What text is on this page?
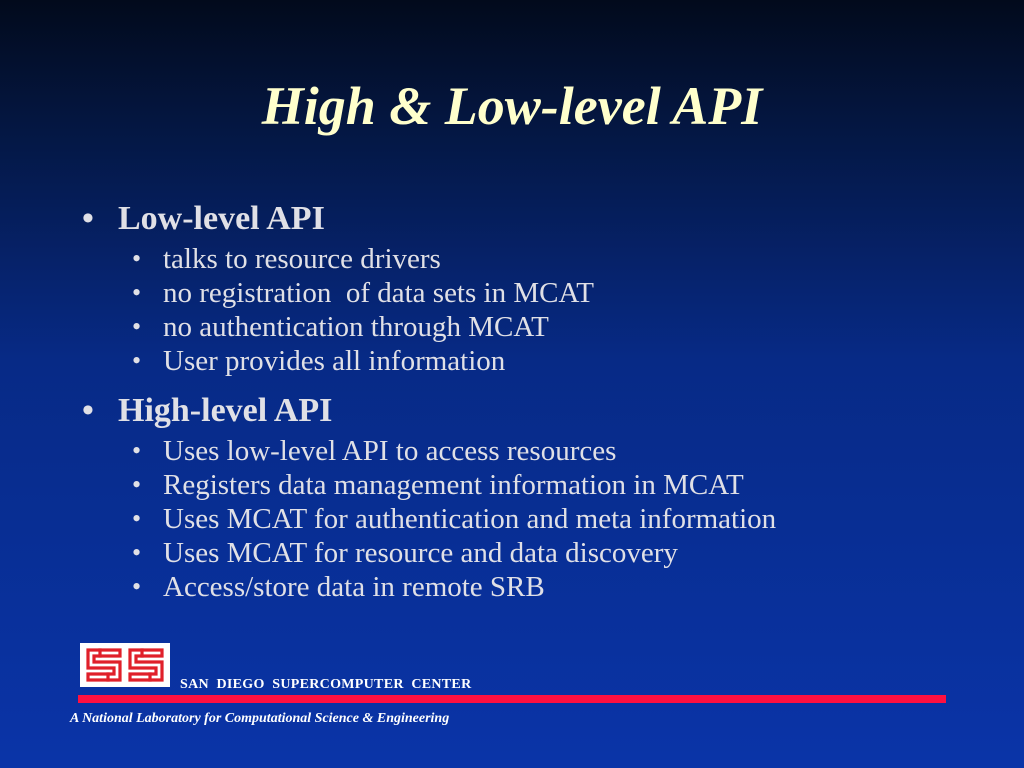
High & Low-level API
• Low-level API
• talks to resource drivers
• no registration  of data sets in MCAT
• no authentication through MCAT
• User provides all information
• High-level API
• Uses low-level API to access resources
• Registers data management information in MCAT
• Uses MCAT for authentication and meta information
• Uses MCAT for resource and data discovery
• Access/store data in remote SRB
SAN  DIEGO  SUPERCOMPUTER  CENTER
A National Laboratory for Computational Science & Engineering
